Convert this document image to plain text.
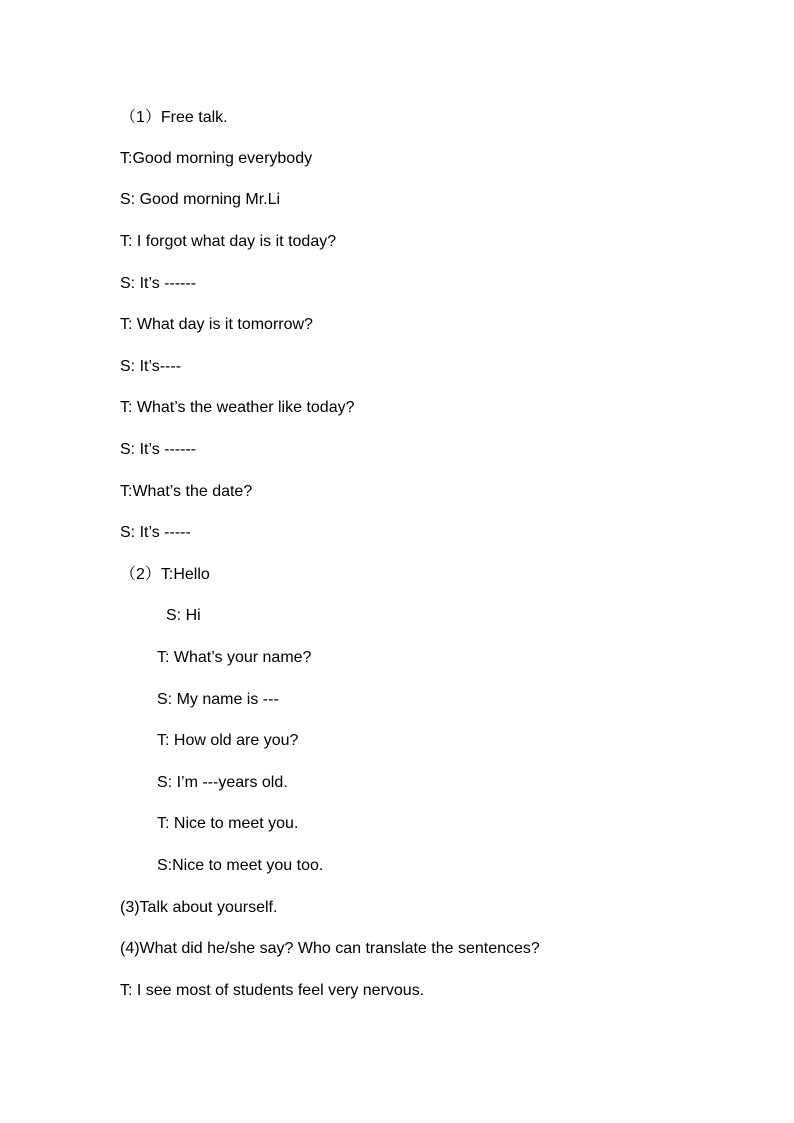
（1）Free talk.
T:Good morning everybody
S: Good morning Mr.Li
T: I forgot what day is it today?
S: It’s ------
T: What day is it tomorrow?
S: It’s----
T: What’s the weather like today?
S: It’s ------
T:What’s the date?
S: It’s -----
（2）T:Hello
S: Hi
T: What’s your name?
S: My name is ---
T: How old are you?
S: I’m ---years old.
T: Nice to meet you.
S:Nice to meet you too.
(3)Talk about yourself.
(4)What did he/she say? Who can translate the sentences?
T: I see most of students feel very nervous.
